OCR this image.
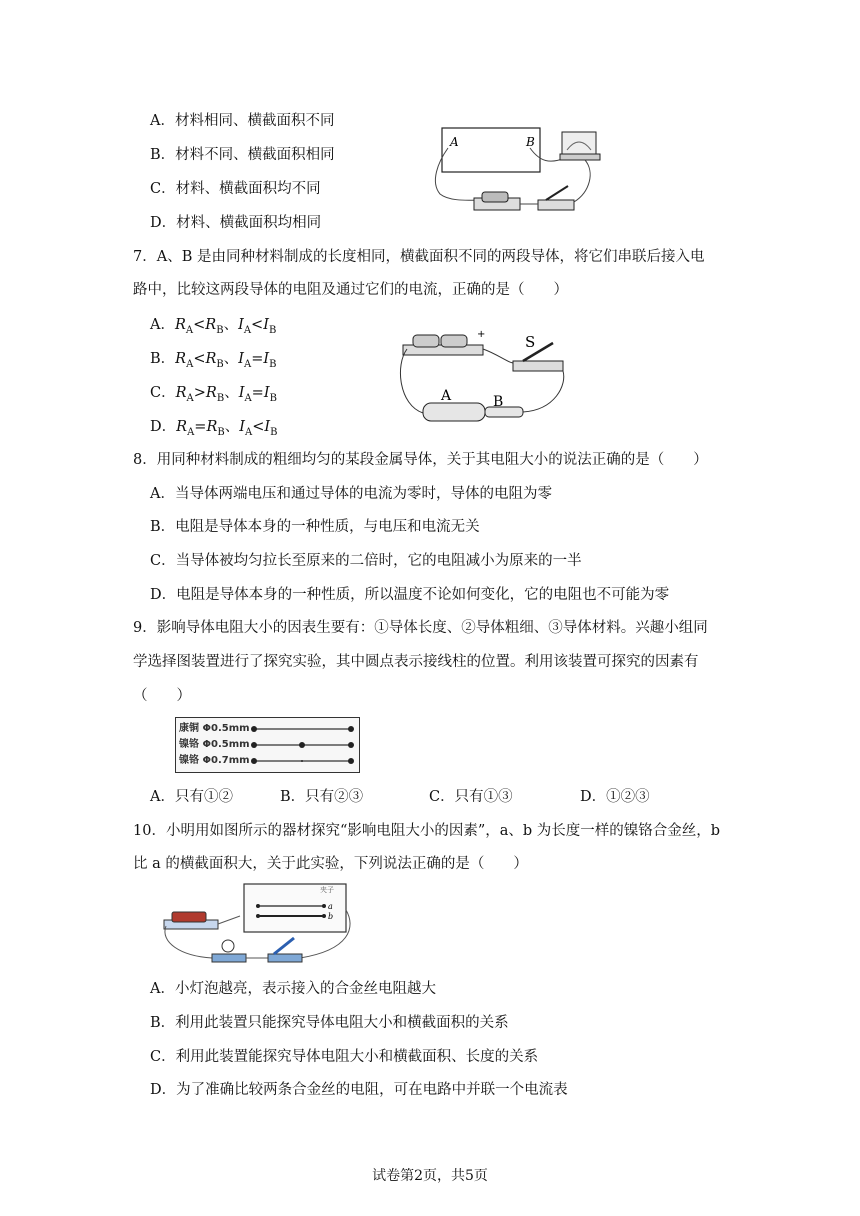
A．材料相同、横截面积不同
B．材料不同、横截面积相同
C．材料、横截面积均不同
D．材料、横截面积均相同
A	B
7．A、B 是由同种材料制成的长度相同，横截面积不同的两段导体，将它们串联后接入电
路中，比较这两段导体的电阻及通过它们的电流，正确的是（　　）
A．$R_A<R_B$、$I_A<I_B$
B．$R_A<R_B$、$I_A=I_B$
C．$R_A>R_B$、$I_A=I_B$
D．$R_A=R_B$、$I_A<I_B$
+	S
A	B
8．用同种材料制成的粗细均匀的某段金属导体，关于其电阻大小的说法正确的是（　　）
A．当导体两端电压和通过导体的电流为零时，导体的电阻为零
B．电阻是导体本身的一种性质，与电压和电流无关
C．当导体被均匀拉长至原来的二倍时，它的电阻减小为原来的一半
D．电阻是导体本身的一种性质，所以温度不论如何变化，它的电阻也不可能为零
9．影响导体电阻大小的因表生要有：①导体长度、②导体粗细、③导体材料。兴趣小组同
学选择图装置进行了探究实验，其中圆点表示接线柱的位置。利用该装置可探究的因素有
（　　）
康铜 Φ0.5mm
镍铬 Φ0.5mm
镍铬 Φ0.7mm
A．只有①②	B．只有②③	C．只有①③	D．①②③
10．小明用如图所示的器材探究“影响电阻大小的因素”，a、b 为长度一样的镍铬合金丝，b
比 a 的横截面积大，关于此实验，下列说法正确的是（　　）
a
b
夹子
A．小灯泡越亮，表示接入的合金丝电阻越大
B．利用此装置只能探究导体电阻大小和横截面积的关系
C．利用此装置能探究导体电阻大小和横截面积、长度的关系
D．为了准确比较两条合金丝的电阻，可在电路中并联一个电流表
试卷第2页，共5页
